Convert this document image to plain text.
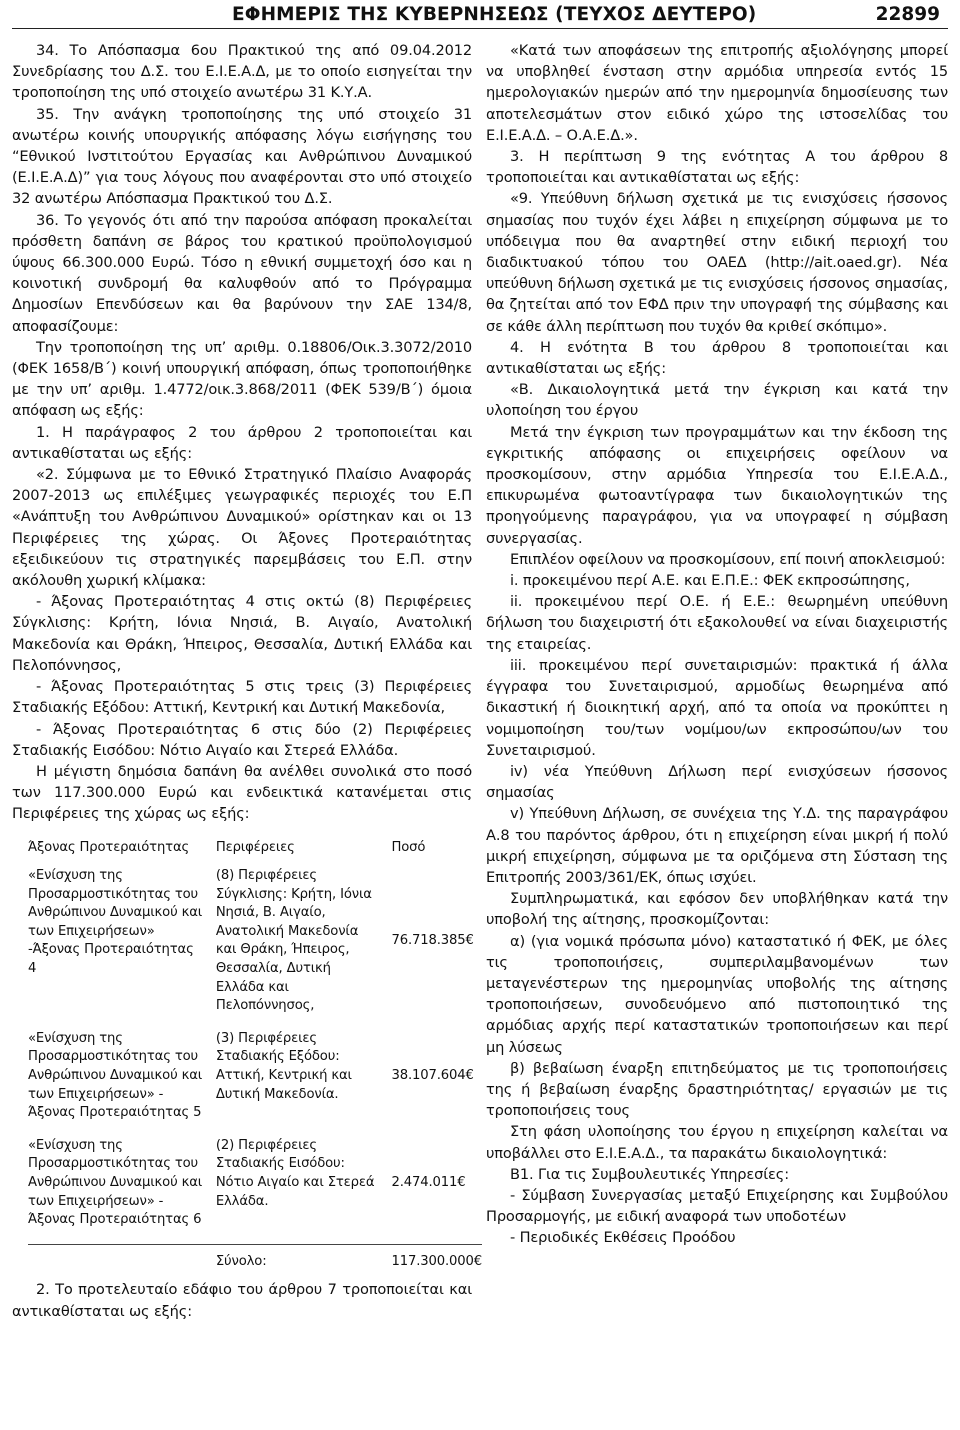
ΕΦΗΜΕΡΙΣ ΤΗΣ ΚΥΒΕΡΝΗΣΕΩΣ (ΤΕΥΧΟΣ ΔΕΥΤΕΡΟ)	22899

34. Το Απόσπασμα 6ου Πρακτικού της από 09.04.2012 Συνεδρίασης του Δ.Σ. του Ε.Ι.Ε.Α.Δ, με το οποίο εισηγείται την τροποποίηση της υπό στοιχείο ανωτέρω 31 Κ.Υ.Α.

35. Την ανάγκη τροποποίησης της υπό στοιχείο 31 ανωτέρω κοινής υπουργικής απόφασης λόγω εισήγησης του “Εθνικού Ινστιτούτου Εργασίας και Ανθρώπινου Δυναμικού (Ε.Ι.Ε.Α.Δ)” για τους λόγους που αναφέρονται στο υπό στοιχείο 32 ανωτέρω Απόσπασμα Πρακτικού του Δ.Σ.

36. Το γεγονός ότι από την παρούσα απόφαση προκαλείται πρόσθετη δαπάνη σε βάρος του κρατικού προϋπολογισμού ύψους 66.300.000 Ευρώ. Τόσο η εθνική συμμετοχή όσο και η κοινοτική συνδρομή θα καλυφθούν από το Πρόγραμμα Δημοσίων Επενδύσεων και θα βαρύνουν την ΣΑΕ 134/8, αποφασίζουμε:

Την τροποποίηση της υπ’ αριθμ. 0.18806/Οικ.3.3072/2010 (ΦΕΚ 1658/Β΄) κοινή υπουργική απόφαση, όπως τροποποιήθηκε με την υπ’ αριθμ. 1.4772/οικ.3.868/2011 (ΦΕΚ 539/Β΄) όμοια απόφαση ως εξής:

1. Η παράγραφος 2 του άρθρου 2 τροποποιείται και αντικαθίσταται ως εξής:

«2. Σύμφωνα με το Εθνικό Στρατηγικό Πλαίσιο Αναφοράς 2007-2013 ως επιλέξιμες γεωγραφικές περιοχές του Ε.Π «Ανάπτυξη του Ανθρώπινου Δυναμικού» ορίστηκαν και οι 13 Περιφέρειες της χώρας. Οι Άξονες Προτεραιότητας εξειδικεύουν τις στρατηγικές παρεμβάσεις του Ε.Π. στην ακόλουθη χωρική κλίμακα:

- Άξονας Προτεραιότητας 4 στις οκτώ (8) Περιφέρειες Σύγκλισης: Κρήτη, Ιόνια Νησιά, Β. Αιγαίο, Ανατολική Μακεδονία και Θράκη, Ήπειρος, Θεσσαλία, Δυτική Ελλάδα και Πελοπόννησος,

- Άξονας Προτεραιότητας 5 στις τρεις (3) Περιφέρειες Σταδιακής Εξόδου: Αττική, Κεντρική και Δυτική Μακεδονία,

- Άξονας Προτεραιότητας 6 στις δύο (2) Περιφέρειες Σταδιακής Εισόδου: Νότιο Αιγαίο και Στερεά Ελλάδα.

Η μέγιστη δημόσια δαπάνη θα ανέλθει συνολικά στο ποσό των 117.300.000 Ευρώ και ενδεικτικά κατανέμεται στις Περιφέρειες της χώρας ως εξής:

Άξονας Προτεραιότητας	Περιφέρειες	Ποσό
«Ενίσχυση της Προσαρμοστικότητας του Ανθρώπινου Δυναμικού και των Επιχειρήσεων» -Άξονας Προτεραιότητας 4	(8) Περιφέρειες Σύγκλισης: Κρήτη, Ιόνια Νησιά, Β. Αιγαίο, Ανατολική Μακεδονία και Θράκη, Ήπειρος, Θεσσαλία, Δυτική Ελλάδα και Πελοπόννησος,	76.718.385€
«Ενίσχυση της Προσαρμοστικότητας του Ανθρώπινου Δυναμικού και των Επιχειρήσεων» - Άξονας Προτεραιότητας 5	(3) Περιφέρειες Σταδιακής Εξόδου: Αττική, Κεντρική και Δυτική Μακεδονία.	38.107.604€
«Ενίσχυση της Προσαρμοστικότητας του Ανθρώπινου Δυναμικού και των Επιχειρήσεων» - Άξονας Προτεραιότητας 6	(2) Περιφέρειες Σταδιακής Εισόδου: Νότιο Αιγαίο και Στερεά Ελλάδα.	2.474.011€
	Σύνολο:	117.300.000€

2. Το προτελευταίο εδάφιο του άρθρου 7 τροποποιείται και αντικαθίσταται ως εξής:

«Κατά των αποφάσεων της επιτροπής αξιολόγησης μπορεί να υποβληθεί ένσταση στην αρμόδια υπηρεσία εντός 15 ημερολογιακών ημερών από την ημερομηνία δημοσίευσης των αποτελεσμάτων στον ειδικό χώρο της ιστοσελίδας του Ε.Ι.Ε.Α.Δ. – Ο.Α.Ε.Δ.».

3. Η περίπτωση 9 της ενότητας Α του άρθρου 8 τροποποιείται και αντικαθίσταται ως εξής:

«9. Υπεύθυνη δήλωση σχετικά με τις ενισχύσεις ήσσονος σημασίας που τυχόν έχει λάβει η επιχείρηση σύμφωνα με το υπόδειγμα που θα αναρτηθεί στην ειδική περιοχή του διαδικτυακού τόπου του ΟΑΕΔ (http://ait.oaed.gr). Νέα υπεύθυνη δήλωση σχετικά με τις ενισχύσεις ήσσονος σημασίας, θα ζητείται από τον ΕΦΔ πριν την υπογραφή της σύμβασης και σε κάθε άλλη περίπτωση που τυχόν θα κριθεί σκόπιμο».

4. Η ενότητα Β του άρθρου 8 τροποποιείται και αντικαθίσταται ως εξής:

«Β. Δικαιολογητικά μετά την έγκριση και κατά την υλοποίηση του έργου

Μετά την έγκριση των προγραμμάτων και την έκδοση της εγκριτικής απόφασης οι επιχειρήσεις οφείλουν να προσκομίσουν, στην αρμόδια Υπηρεσία του Ε.Ι.Ε.Α.Δ., επικυρωμένα φωτοαντίγραφα των δικαιολογητικών της προηγούμενης παραγράφου, για να υπογραφεί η σύμβαση συνεργασίας.

Επιπλέον οφείλουν να προσκομίσουν, επί ποινή αποκλεισμού:

i. προκειμένου περί Α.Ε. και Ε.Π.Ε.: ΦΕΚ εκπροσώπησης,

ii. προκειμένου περί Ο.Ε. ή Ε.Ε.: θεωρημένη υπεύθυνη δήλωση του διαχειριστή ότι εξακολουθεί να είναι διαχειριστής της εταιρείας.

iii. προκειμένου περί συνεταιρισμών: πρακτικά ή άλλα έγγραφα του Συνεταιρισμού, αρμοδίως θεωρημένα από δικαστική ή διοικητική αρχή, από τα οποία να προκύπτει η νομιμοποίηση του/των νομίμου/ων εκπροσώπου/ων του Συνεταιρισμού.

iv) νέα Υπεύθυνη Δήλωση περί ενισχύσεων ήσσονος σημασίας

v) Υπεύθυνη Δήλωση, σε συνέχεια της Υ.Δ. της παραγράφου Α.8 του παρόντος άρθρου, ότι η επιχείρηση είναι μικρή ή πολύ μικρή επιχείρηση, σύμφωνα με τα οριζόμενα στη Σύσταση της Επιτροπής 2003/361/ΕΚ, όπως ισχύει.

Συμπληρωματικά, και εφόσον δεν υποβλήθηκαν κατά την υποβολή της αίτησης, προσκομίζονται:

α) (για νομικά πρόσωπα μόνο) καταστατικό ή ΦΕΚ, με όλες τις τροποποιήσεις, συμπεριλαμβανομένων των μεταγενέστερων της ημερομηνίας υποβολής της αίτησης τροποποιήσεων, συνοδευόμενο από πιστοποιητικό της αρμόδιας αρχής περί καταστατικών τροποποιήσεων και περί μη λύσεως

β) βεβαίωση έναρξη επιτηδεύματος με τις τροποποιήσεις της ή βεβαίωση έναρξης δραστηριότητας/ εργασιών με τις τροποποιήσεις τους

Στη φάση υλοποίησης του έργου η επιχείρηση καλείται να υποβάλλει στο Ε.Ι.Ε.Α.Δ., τα παρακάτω δικαιολογητικά:

Β1. Για τις Συμβουλευτικές Υπηρεσίες:

- Σύμβαση Συνεργασίας μεταξύ Επιχείρησης και Συμβούλου Προσαρμογής, με ειδική αναφορά των υποδοτέων

- Περιοδικές Εκθέσεις Προόδου
